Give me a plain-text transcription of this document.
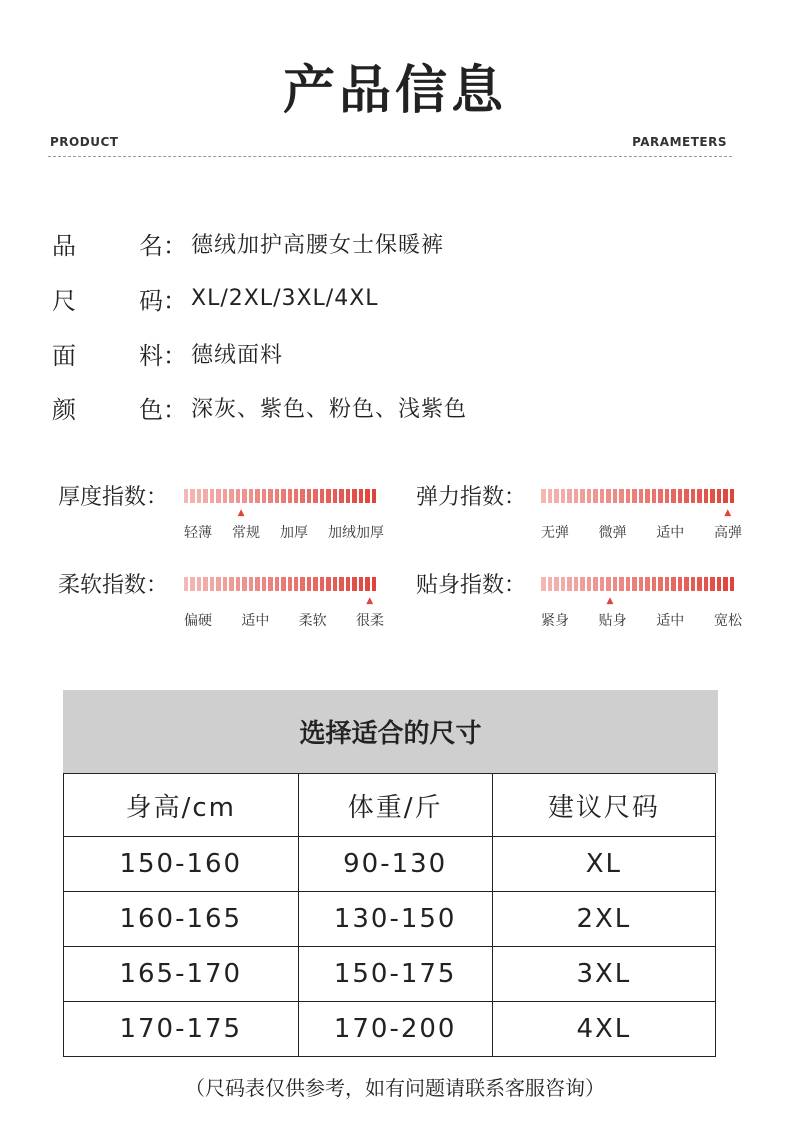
产品信息
PRODUCT	PARAMETERS
品	名： 德绒加护高腰女士保暖裤
尺	码： XL/2XL/3XL/4XL
面	料： 德绒面料
颜	色： 深灰、紫色、粉色、浅紫色
厚度指数：
▲
轻薄 常规 加厚 加绒加厚
弹力指数：
▲
无弹 微弹 适中 高弹
柔软指数：
▲
偏硬 适中 柔软 很柔
贴身指数：
▲
紧身 贴身 适中 宽松
选择适合的尺寸
身高/cm	体重/斤	建议尺码
150-160	90-130	XL
160-165	130-150	2XL
165-170	150-175	3XL
170-175	170-200	4XL
（尺码表仅供参考，如有问题请联系客服咨询）
